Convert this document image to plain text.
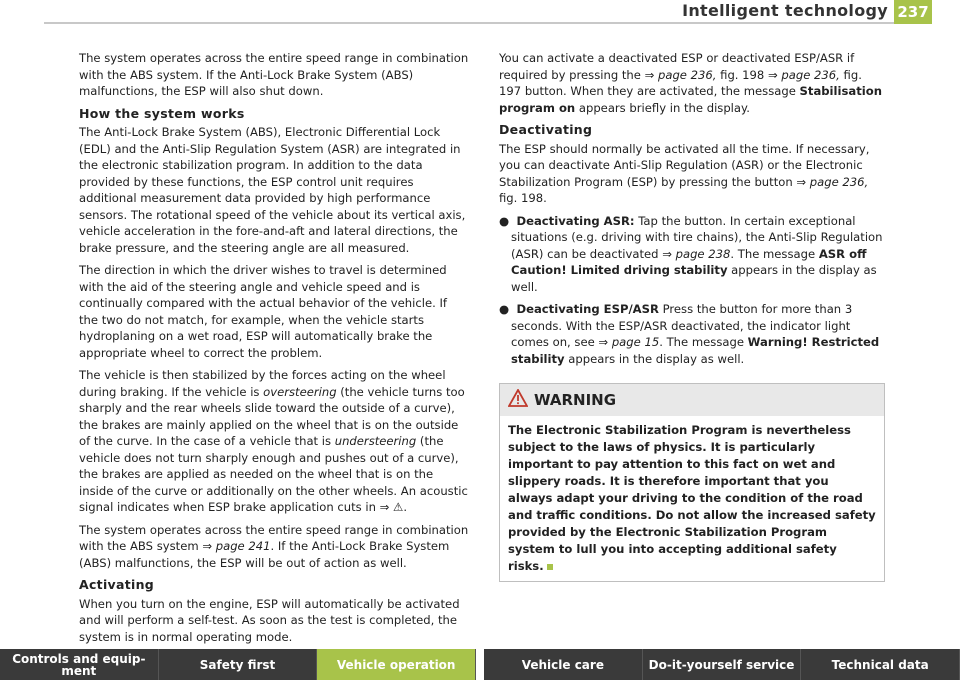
Intelligent technology 237

The system operates across the entire speed range in combination with the ABS system. If the Anti-Lock Brake System (ABS) malfunctions, the ESP will also shut down.

How the system works

The Anti-Lock Brake System (ABS), Electronic Differential Lock (EDL) and the Anti-Slip Regulation System (ASR) are integrated in the electronic stabilization program. In addition to the data provided by these functions, the ESP control unit requires additional measurement data provided by high performance sensors. The rotational speed of the vehicle about its vertical axis, vehicle acceleration in the fore-and-aft and lateral directions, the brake pressure, and the steering angle are all measured.

The direction in which the driver wishes to travel is determined with the aid of the steering angle and vehicle speed and is continually compared with the actual behavior of the vehicle. If the two do not match, for example, when the vehicle starts hydroplaning on a wet road, ESP will automatically brake the appropriate wheel to correct the problem.

The vehicle is then stabilized by the forces acting on the wheel during braking. If the vehicle is oversteering (the vehicle turns too sharply and the rear wheels slide toward the outside of a curve), the brakes are mainly applied on the wheel that is on the outside of the curve. In the case of a vehicle that is understeering (the vehicle does not turn sharply enough and pushes out of a curve), the brakes are applied as needed on the wheel that is on the inside of the curve or additionally on the other wheels. An acoustic signal indicates when ESP brake application cuts in ⇒ ⚠.

The system operates across the entire speed range in combination with the ABS system ⇒ page 241. If the Anti-Lock Brake System (ABS) malfunctions, the ESP will be out of action as well.

Activating

When you turn on the engine, ESP will automatically be activated and will perform a self-test. As soon as the test is completed, the system is in normal operating mode.

You can activate a deactivated ESP or deactivated ESP/ASR if required by pressing the ⇒ page 236, fig. 198 ⇒ page 236, fig. 197 button. When they are activated, the message Stabilisation program on appears briefly in the display.

Deactivating

The ESP should normally be activated all the time. If necessary, you can deactivate Anti-Slip Regulation (ASR) or the Electronic Stabilization Program (ESP) by pressing the button ⇒ page 236, fig. 198.

●  Deactivating ASR: Tap the button. In certain exceptional situations (e.g. driving with tire chains), the Anti-Slip Regulation (ASR) can be deactivated ⇒ page 238. The message ASR off Caution! Limited driving stability appears in the display as well.

●  Deactivating ESP/ASR Press the button for more than 3 seconds. With the ESP/ASR deactivated, the indicator light comes on, see ⇒ page 15. The message Warning! Restricted stability appears in the display as well.

WARNING
The Electronic Stabilization Program is nevertheless subject to the laws of physics. It is particularly important to pay attention to this fact on wet and slippery roads. It is therefore important that you always adapt your driving to the condition of the road and traffic conditions. Do not allow the increased safety provided by the Electronic Stabilization Program system to lull you into accepting additional safety risks.
Controls and equip-ment	Safety first	Vehicle operation	Vehicle care	Do-it-yourself service	Technical data
